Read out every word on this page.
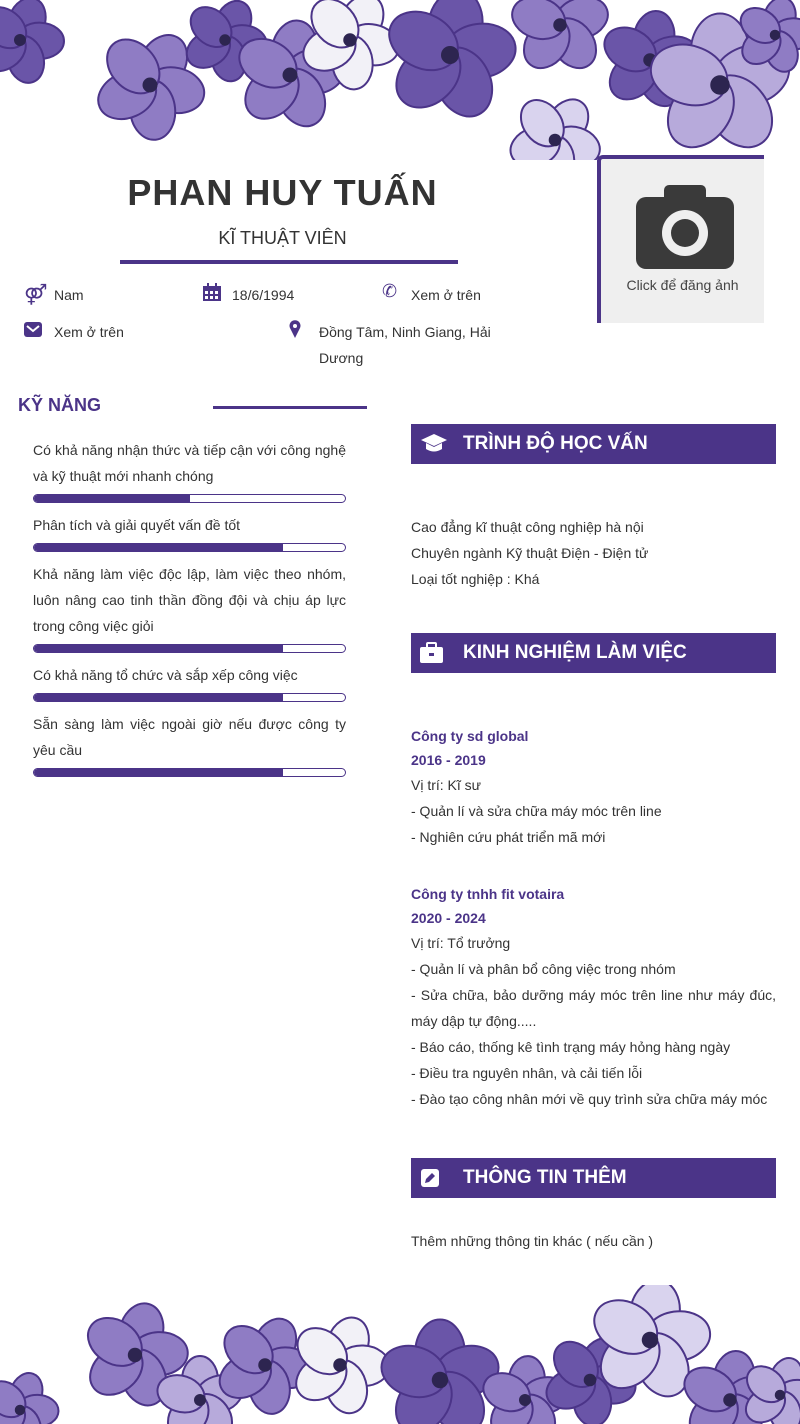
PHAN HUY TUẤN
KĨ THUẬT VIÊN
Click để đăng ảnh
⚤ Nam	18/6/1994	✆ Xem ở trên
Xem ở trên	Đồng Tâm, Ninh Giang, Hải Dương
KỸ NĂNG
Có khả năng nhận thức và tiếp cận với công nghệ và kỹ thuật mới nhanh chóng
Phân tích và giải quyết vấn đề tốt
Khả năng làm việc độc lập, làm việc theo nhóm, luôn nâng cao tinh thần đồng đội và chịu áp lực trong công việc giỏi
Có khả năng tổ chức và sắp xếp công việc
Sẵn sàng làm việc ngoài giờ nếu được công ty yêu cầu
TRÌNH ĐỘ HỌC VẤN
Cao đẳng kĩ thuật công nghiệp hà nội
Chuyên ngành Kỹ thuật Điện - Điện tử
Loại tốt nghiệp : Khá
KINH NGHIỆM LÀM VIỆC
Công ty sd global
2016 - 2019
Vị trí: Kĩ sư
- Quản lí và sửa chữa máy móc trên line
- Nghiên cứu phát triển mã mới
Công ty tnhh fit votaira
2020 - 2024
Vị trí: Tổ trưởng
- Quản lí và phân bổ công việc trong nhóm
- Sửa chữa, bảo dưỡng máy móc trên line như máy đúc, máy dập tự động.....
- Báo cáo, thống kê tình trạng máy hỏng hàng ngày
- Điều tra nguyên nhân, và cải tiến lỗi
- Đào tạo công nhân mới về quy trình sửa chữa máy móc
THÔNG TIN THÊM
Thêm những thông tin khác ( nếu cần )
